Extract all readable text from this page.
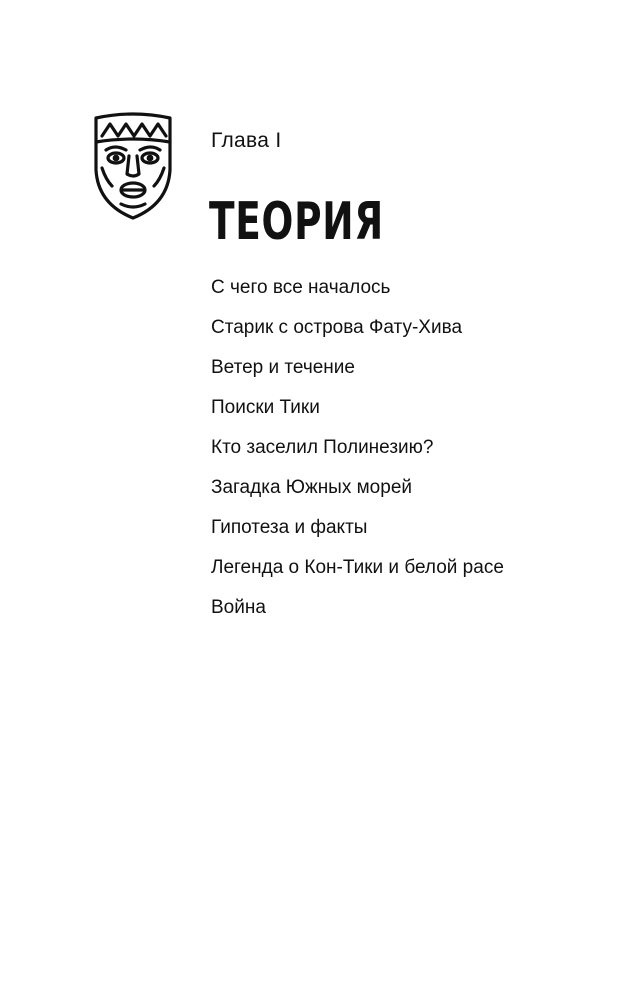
Глава I
ТЕОРИЯ
С чего все началось
Старик с острова Фату-Хива
Ветер и течение
Поиски Тики
Кто заселил Полинезию?
Загадка Южных морей
Гипотеза и факты
Легенда о Кон-Тики и белой расе
Война
